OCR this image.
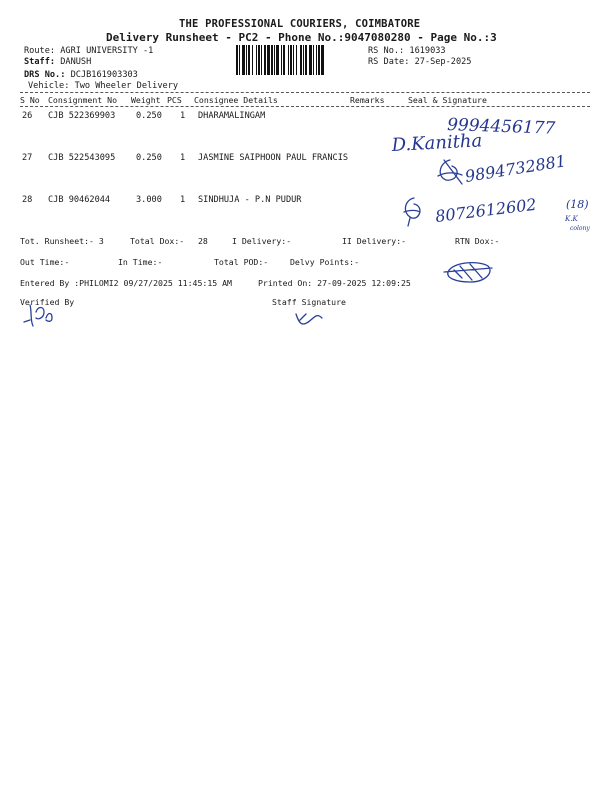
THE PROFESSIONAL COURIERS, COIMBATORE
Delivery Runsheet - PC2 - Phone No.:9047080280 - Page No.:3
Route: AGRI UNIVERSITY -1
Staff: DANUSH
DRS No.: DCJB161903303
Vehicle: Two Wheeler Delivery
RS No.: 1619033
RS Date: 27-Sep-2025
S No Consignment No Weight PCS Consignee Details	Remarks	Seal & Signature
26 CJB 522369903 0.250 1 DHARAMALINGAM
27 CJB 522543095 0.250 1 JASMINE SAIPHOON PAUL FRANCIS
28 CJB 90462044	3.000 1 SINDHUJA - P.N PUDUR
Tot. Runsheet:- 3	Total Dox:- 28	I Delivery:-	II Delivery:-	RTN Dox:-
Out Time:-	In Time:-	Total POD:-	Delvy Points:-
Entered By :PHILOMI2 09/27/2025 11:45:15 AM	Printed On: 27-09-2025 12:09:25
Verified By	Staff Signature
9994456177
D.Kanitha
9894732881
8072612602	(18)
K.K
colony
